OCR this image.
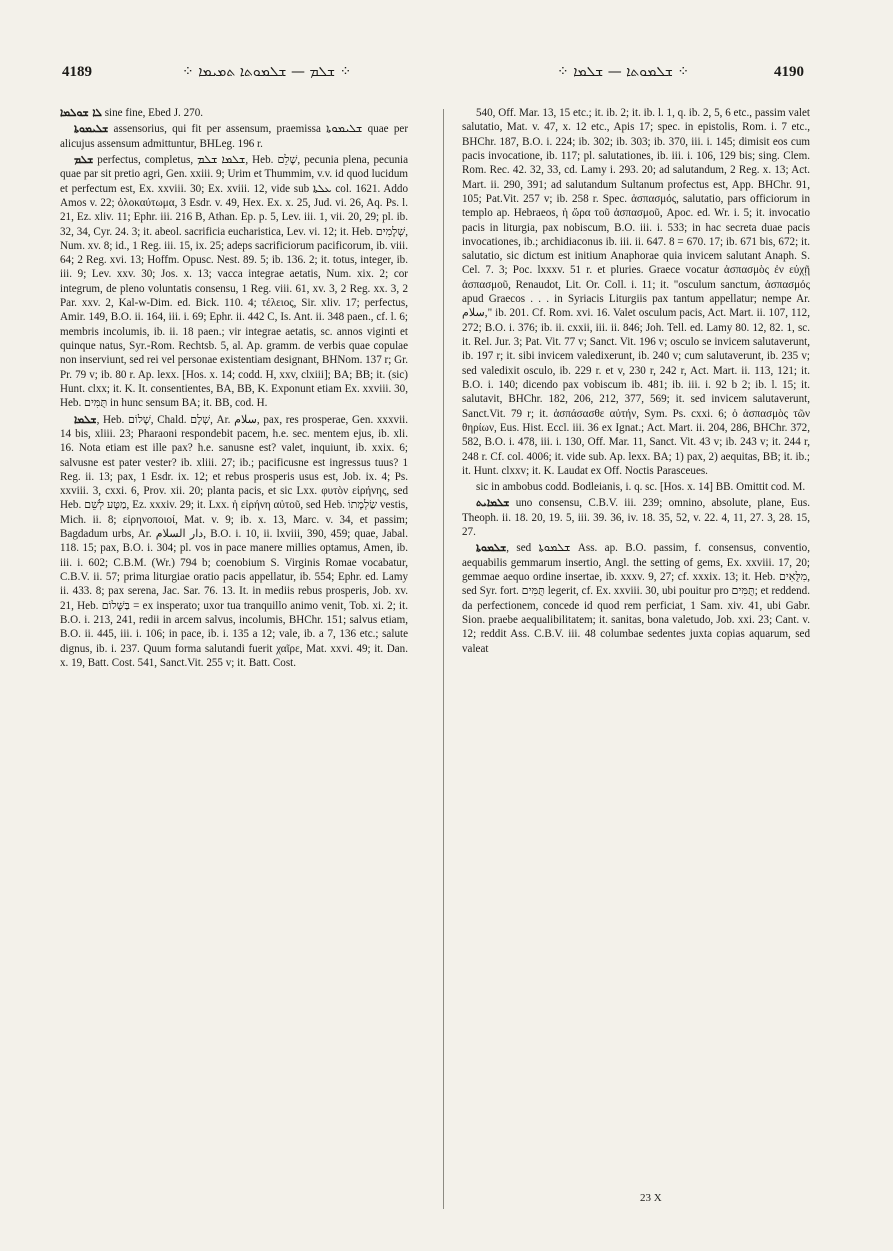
4189	⁘ ܫܠܡ — ܫܠܡܘܬܐ ܬܡܝܡܐ ⁘	⁘ ܫܠܡܘܬܐ — ܫܠܡܐ ⁘	4190

ܠܐ ܫܘܠܡܐ sine fine, Ebed J. 270.

ܫܠܝܡܘܬܐ assensorius, qui fit per assensum, praemissa ܫܠܝܡܘܬܐ quae per alicujus assensum admittuntur, BHLeg. 196 r.

ܫܠܡ perfectus, completus, ܫܠܡܐ ܫܠܡ, Heb. שָׁלֵם, pecunia plena, pecunia quae par sit pretio agri, Gen. xxiii. 9; Urim et Thummim, v.v. id quod lucidum et perfectum est, Ex. xxviii. 30; Ex. xviii. 12, vide sub ܥܠܬܐ col. 1621. Addo Amos v. 22; ὁλοκαύτωμα, 3 Esdr. v. 49, Hex. Ex. x. 25, Jud. vi. 26, Aq. Ps. l. 21, Ez. xliv. 11; Ephr. iii. 216 B, Athan. Ep. p. 5, Lev. iii. 1, vii. 20, 29; pl. ib. 32, 34, Cyr. 24. 3; it. abeol. sacrificia eucharistica, Lev. vi. 12; it. Heb. שְׁלָמִים, Num. xv. 8; id., 1 Reg. iii. 15, ix. 25; adeps sacrificiorum pacificorum, ib. viii. 64; 2 Reg. xvi. 13; Hoffm. Opusc. Nest. 89. 5; ib. 136. 2; it. totus, integer, ib. iii. 9; Lev. xxv. 30; Jos. x. 13; vacca integrae aetatis, Num. xix. 2; cor integrum, de pleno voluntatis consensu, 1 Reg. viii. 61, xv. 3, 2 Reg. xx. 3, 2 Par. xxv. 2, Kal-w-Dim. ed. Bick. 110. 4; τέλειος, Sir. xliv. 17; perfectus, Amir. 149, B.O. ii. 164, iii. i. 69; Ephr. ii. 442 C, Is. Ant. ii. 348 paen., cf. l. 6; membris incolumis, ib. ii. 18 paen.; vir integrae aetatis, sc. annos viginti et quinque natus, Syr.-Rom. Rechtsb. 5, al. Ap. gramm. de verbis quae copulae non inserviunt, sed rei vel personae existentiam designant, BHNom. 137 r; Gr. Pr. 79 v; ib. 80 r. Ap. lexx. [Hos. x. 14; codd. H, xxv, clxiii]; BA; BB; it. (sic) Hunt. clxx; it. K. It. consentientes, BA, BB, K. Exponunt etiam Ex. xxviii. 30, Heb. תֻּמִּים in hunc sensum BA; it. BB, cod. H.

ܫܠܡܐ, Heb. שָׁלוֹם, Chald. שְׁלָם, Ar. سلام, pax, res prosperae, Gen. xxxvii. 14 bis, xliii. 23; Pharaoni respondebit pacem, h.e. sec. mentem ejus, ib. xli. 16. Nota etiam est ille pax? h.e. sanusne est? valet, inquiunt, ib. xxix. 6; salvusne est pater vester? ib. xliii. 27; ib.; pacificusne est ingressus tuus? 1 Reg. ii. 13; pax, 1 Esdr. ix. 12; et rebus prosperis usus est, Job. ix. 4; Ps. xxviii. 3, cxxi. 6, Prov. xii. 20; planta pacis, et sic Lxx. φυτὸν εἰρήνης, sed Heb. מַטָּע לְשֵׁם, Ez. xxxiv. 29; it. Lxx. ἡ εἰρήνη αὐτοῦ, sed Heb. שַׂלְמָתוֹ vestis, Mich. ii. 8; εἰρηνοποιοί, Mat. v. 9; ib. x. 13, Marc. v. 34, et passim; Bagdadum urbs, Ar. دار السلام, B.O. i. 10, ii. lxviii, 390, 459; quae, Jabal. 118. 15; pax, B.O. i. 304; pl. vos in pace manere millies optamus, Amen, ib. iii. i. 602; C.B.M. (Wr.) 794 b; coenobium S. Virginis Romae vocabatur, C.B.V. ii. 57; prima liturgiae oratio pacis appellatur, ib. 554; Ephr. ed. Lamy ii. 433. 8; pax serena, Jac. Sar. 76. 13. It. in mediis rebus prosperis, Job. xv. 21, Heb. בַּשָּׁלוֹם = ex insperato; uxor tua tranquillo animo venit, Tob. xi. 2; it. B.O. i. 213, 241, redii in arcem salvus, incolumis, BHChr. 151; salvus etiam, B.O. ii. 445, iii. i. 106; in pace, ib. i. 135 a 12; vale, ib. a 7, 136 etc.; salute dignus, ib. i. 237. Quum forma salutandi fuerit χαῖρε, Mat. xxvi. 49; it. Dan. x. 19, Batt. Cost. 541, Sanct.Vit. 255 v; it. Batt. Cost.

540, Off. Mar. 13, 15 etc.; it. ib. 2; it. ib. l. 1, q. ib. 2, 5, 6 etc., passim valet salutatio, Mat. v. 47, x. 12 etc., Apis 17; spec. in epistolis, Rom. i. 7 etc., BHChr. 187, B.O. i. 224; ib. 302; ib. 303; ib. 370, iii. i. 145; dimisit eos cum pacis invocatione, ib. 117; pl. salutationes, ib. iii. i. 106, 129 bis; sing. Clem. Rom. Rec. 42. 32, 33, cd. Lamy i. 293. 20; ad salutandum, 2 Reg. x. 13; Act. Mart. ii. 290, 391; ad salutandum Sultanum profectus est, App. BHChr. 91, 105; Pat.Vit. 257 v; ib. 258 r. Spec. ἀσπασμός, salutatio, pars officiorum in templo ap. Hebraeos, ἡ ὥρα τοῦ ἀσπασμοῦ, Apoc. ed. Wr. i. 5; it. invocatio pacis in liturgia, pax nobiscum, B.O. iii. i. 533; in hac secreta duae pacis invocationes, ib.; archidiaconus ib. iii. ii. 647. 8 = 670. 17; ib. 671 bis, 672; it. salutatio, sic dictum est initium Anaphorae quia invicem salutant Anaph. S. Cel. 7. 3; Poc. lxxxv. 51 r. et pluries. Graece vocatur ἀσπασμὸς ἐν εὐχῇ ἀσπασμοῦ, Renaudot, Lit. Or. Coll. i. 11; it. "osculum sanctum, ἀσπασμός apud Graecos . . . in Syriacis Liturgiis pax tantum appellatur; nempe Ar. سلام," ib. 201. Cf. Rom. xvi. 16. Valet osculum pacis, Act. Mart. ii. 107, 112, 272; B.O. i. 376; ib. ii. cxxii, iii. ii. 846; Joh. Tell. ed. Lamy 80. 12, 82. 1, sc. it. Rel. Jur. 3; Pat. Vit. 77 v; Sanct. Vit. 196 v; osculo se invicem salutaverunt, ib. 197 r; it. sibi invicem valedixerunt, ib. 240 v; cum salutaverunt, ib. 235 v; sed valedixit osculo, ib. 229 r. et v, 230 r, 242 r, Act. Mart. ii. 113, 121; it. B.O. i. 140; dicendo pax vobiscum ib. 481; ib. iii. i. 92 b 2; ib. l. 15; it. salutavit, BHChr. 182, 206, 212, 377, 569; it. sed invicem salutaverunt, Sanct.Vit. 79 r; it. ἀσπάσασθε αὐτήν, Sym. Ps. cxxi. 6; ὁ ἀσπασμὸς τῶν θηρίων, Eus. Hist. Eccl. iii. 36 ex Ignat.; Act. Mart. ii. 204, 286, BHChr. 372, 582, B.O. i. 478, iii. i. 130, Off. Mar. 11, Sanct. Vit. 43 v; ib. 243 v; it. 244 r, 248 r. Cf. col. 4006; it. vide sub. Ap. lexx. BA; 1) pax, 2) aequitas, BB; it. ib.; it. Hunt. clxxv; it. K. Laudat ex Off. Noctis Parasceues.

sic in ambobus codd. Bodleianis, i. q. sc. [Hos. x. 14] BB. Omittit cod. M.

ܫܠܡܐܝܬ uno consensu, C.B.V. iii. 239; omnino, absolute, plane, Eus. Theoph. ii. 18. 20, 19. 5, iii. 39. 36, iv. 18. 35, 52, v. 22. 4, 11, 27. 3, 28. 15, 27.

ܫܠܡܘܬܐ, sed ܫܠܡܘܬܐ Ass. ap. B.O. passim, f. consensus, conventio, aequabilis gemmarum insertio, Angl. the setting of gems, Ex. xxviii. 17, 20; gemmae aequo ordine insertae, ib. xxxv. 9, 27; cf. xxxix. 13; it. Heb. מִלֻּאִים, sed Syr. fort. תֻּמִּים legerit, cf. Ex. xxviii. 30, ubi pouitur pro תֻּמִּים; et reddend. da perfectionem, concede id quod rem perficiat, 1 Sam. xiv. 41, ubi Gabr. Sion. praebe aequalibilitatem; it. sanitas, bona valetudo, Job. xxi. 23; Cant. v. 12; reddit Ass. C.B.V. iii. 48 columbae sedentes juxta copias aquarum, sed valeat

23 X
